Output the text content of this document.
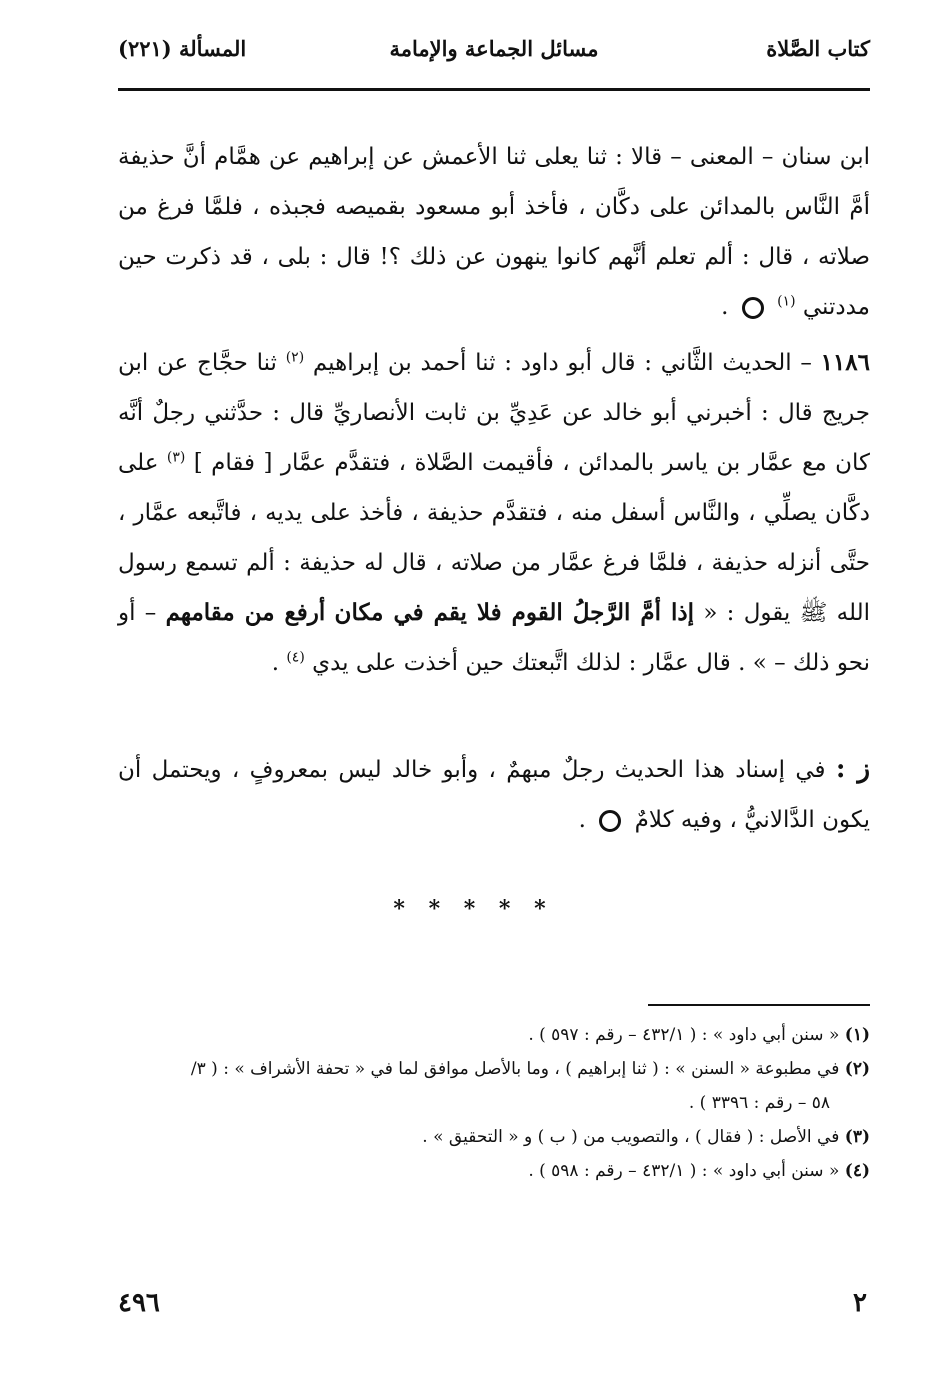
كتاب الصَّلاة
مسائل الجماعة والإمامة
المسألة (٢٢١)
ابن سنان – المعنى – قالا : ثنا يعلى ثنا الأعمش عن إبراهيم عن همَّام أنَّ حذيفة أمَّ النَّاس بالمدائن على دكَّان ، فأخذ أبو مسعود بقميصه فجبذه ، فلمَّا فرغ من صلاته ، قال : ألم تعلم أنَّهم كانوا ينهون عن ذلك ؟! قال : بلى ، قد ذكرت حين مددتني $^{(١)}$  .
١١٨٦ – الحديث الثَّاني : قال أبو داود : ثنا أحمد بن إبراهيم $^{(٢)}$ ثنا حجَّاج عن ابن جريج قال : أخبرني أبو خالد عن عَدِيِّ بن ثابت الأنصاريِّ قال : حدَّثني رجلٌ أنَّه كان مع عمَّار بن ياسر بالمدائن ، فأقيمت الصَّلاة ، فتقدَّم عمَّار [ فقام ] $^{(٣)}$ على دكَّان يصلِّي ، والنَّاس أسفل منه ، فتقدَّم حذيفة ، فأخذ على يديه ، فاتَّبعه عمَّار ، حتَّى أنزله حذيفة ، فلمَّا فرغ عمَّار من صلاته ، قال له حذيفة : ألم تسمع رسول الله ﷺ يقول : « إذا أمَّ الرَّجلُ القوم فلا يقم في مكان أرفع من مقامهم – أو نحو ذلك – » . قال عمَّار : لذلك اتَّبعتك حين أخذت على يدي $^{(٤)}$ .
ز : في إسناد هذا الحديث رجلٌ مبهمٌ ، وأبو خالد ليس بمعروفٍ ، ويحتمل أن يكون الدَّالانيُّ ، وفيه كلامٌ  .
* * * * *

(١) « سنن أبي داود » : ( ٤٣٢/١ – رقم : ٥٩٧ ) .

(٢) في مطبوعة « السنن » : ( ثنا إبراهيم ) ، وما بالأصل موافق لما في « تحفة الأشراف » : ( ٣/
٥٨ – رقم : ٣٣٩٦ ) .

(٣) في الأصل : ( فقال ) ، والتصويب من ( ب ) و « التحقيق » .

(٤) « سنن أبي داود » : ( ٤٣٢/١ – رقم : ٥٩٨ ) .

٢
٤٩٦
